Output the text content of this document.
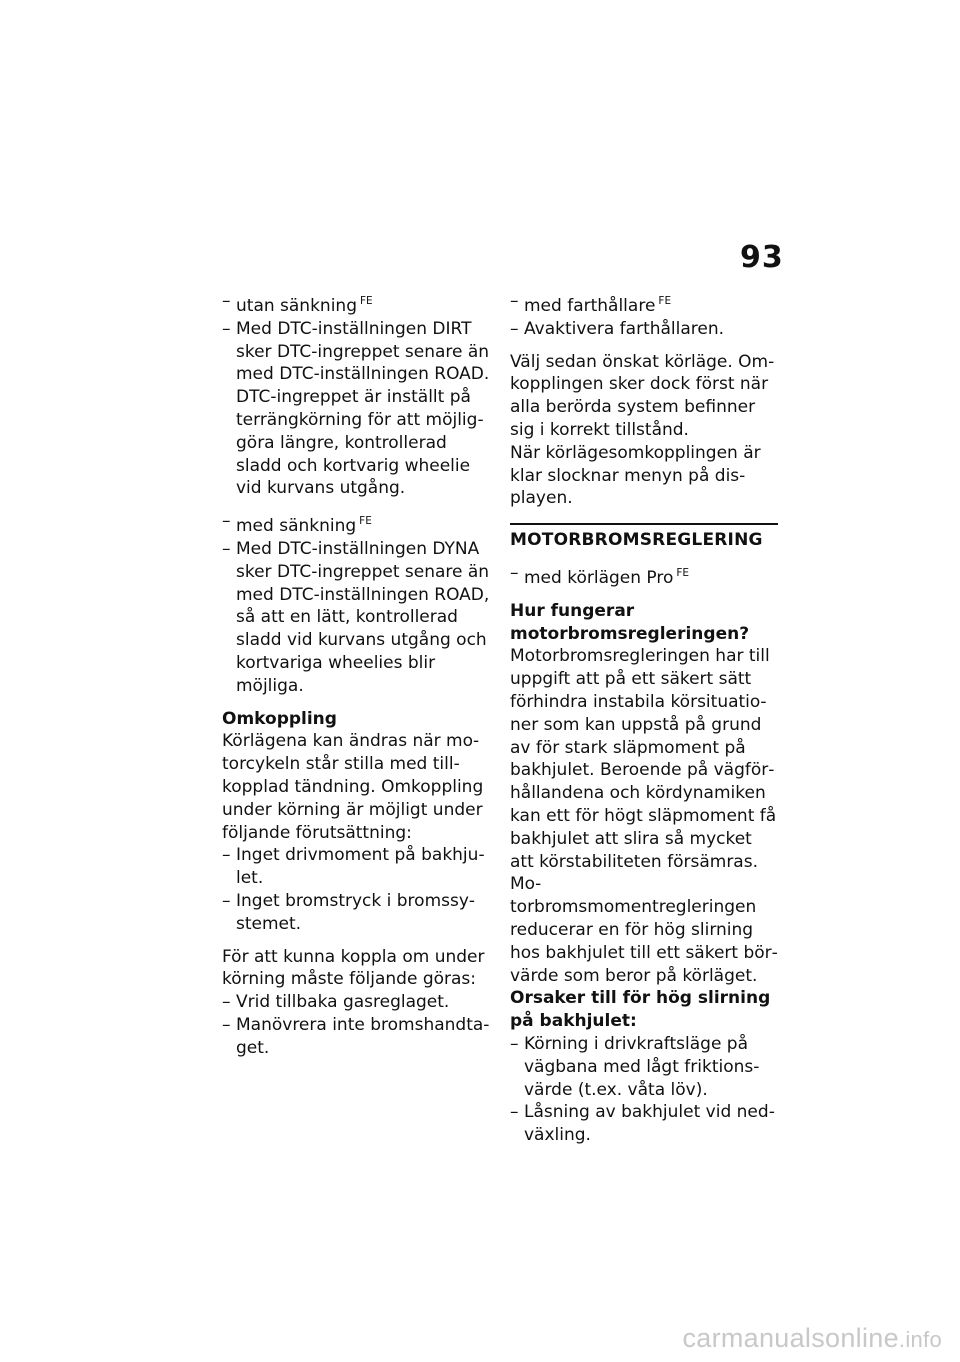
93
– utan sänkning $^{FE}$
– Med DTC-inställningen DIRT sker DTC-ingreppet senare än med DTC-inställningen ROAD. DTC-ingreppet är inställt på terrängkörning för att möjliggöra längre, kontrollerad sladd och kortvarig wheelie vid kurvans utgång.
– med sänkning $^{FE}$
– Med DTC-inställningen DYNA sker DTC-ingreppet senare än med DTC-inställningen ROAD, så att en lätt, kontrollerad sladd vid kurvans utgång och kortvariga wheelies blir möjliga.
Omkoppling
Körlägena kan ändras när motorcykeln står stilla med tillkopplad tändning. Omkoppling under körning är möjligt under följande förutsättning:
– Inget drivmoment på bakhjulet.
– Inget bromstryck i bromssystemet.
För att kunna koppla om under körning måste följande göras:
– Vrid tillbaka gasreglaget.
– Manövrera inte bromshandtaget.
– med farthållare $^{FE}$
– Avaktivera farthållaren.
Välj sedan önskat körläge. Omkopplingen sker dock först när alla berörda system befinner sig i korrekt tillstånd.
När körlägesomkopplingen är klar slocknar menyn på displayen.
MOTORBROMSREGLERING
– med körlägen Pro $^{FE}$
Hur fungerar motorbromsregleringen?
Motorbromsregleringen har till uppgift att på ett säkert sätt förhindra instabila körsituationer som kan uppstå på grund av för stark släpmoment på bakhjulet. Beroende på vägförhållandena och kördynamiken kan ett för högt släpmoment få bakhjulet att slira så mycket att körstabiliteten försämras. Motorbromsmomentregleringen reducerar en för hög slirning hos bakhjulet till ett säkert börvärde som beror på körläget.
Orsaker till för hög slirning på bakhjulet:
– Körning i drivkraftsläge på vägbana med lågt friktionsvärde (t.ex. våta löv).
– Låsning av bakhjulet vid nedväxling.
carmanualsonline.info
